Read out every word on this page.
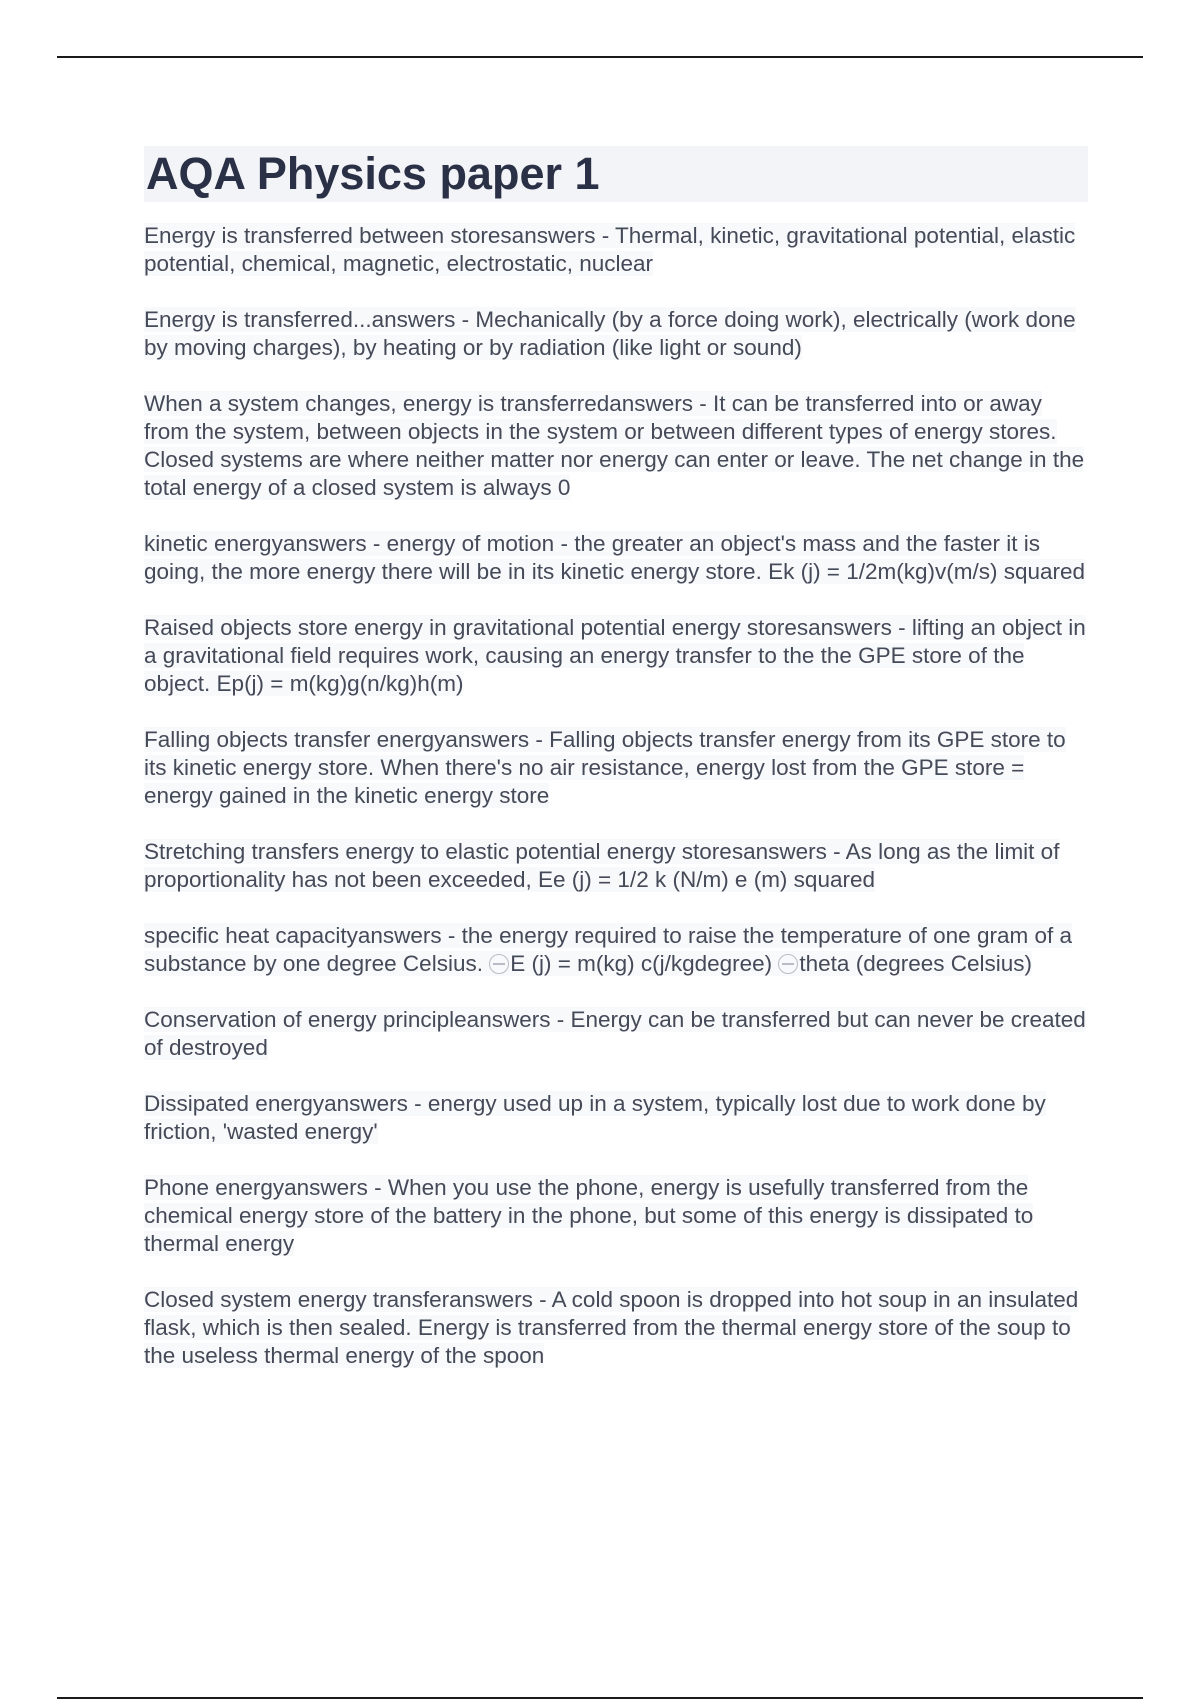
AQA Physics paper 1

Energy is transferred between storesanswers - Thermal, kinetic, gravitational potential, elastic potential, chemical, magnetic, electrostatic, nuclear

Energy is transferred...answers - Mechanically (by a force doing work), electrically (work done by moving charges), by heating or by radiation (like light or sound)

When a system changes, energy is transferredanswers - It can be transferred into or away from the system, between objects in the system or between different types of energy stores. Closed systems are where neither matter nor energy can enter or leave. The net change in the total energy of a closed system is always 0

kinetic energyanswers - energy of motion - the greater an object's mass and the faster it is going, the more energy there will be in its kinetic energy store. Ek (j) = 1/2m(kg)v(m/s) squared

Raised objects store energy in gravitational potential energy storesanswers - lifting an object in a gravitational field requires work, causing an energy transfer to the the GPE store of the object. Ep(j) = m(kg)g(n/kg)h(m)

Falling objects transfer energyanswers - Falling objects transfer energy from its GPE store to its kinetic energy store. When there's no air resistance, energy lost from the GPE store = energy gained in the kinetic energy store

Stretching transfers energy to elastic potential energy storesanswers - As long as the limit of proportionality has not been exceeded, Ee (j) = 1/2 k (N/m) e (m) squared

specific heat capacityanswers - the energy required to raise the temperature of one gram of a substance by one degree Celsius. E (j) = m(kg) c(j/kgdegree) theta (degrees Celsius)

Conservation of energy principleanswers - Energy can be transferred but can never be created of destroyed

Dissipated energyanswers - energy used up in a system, typically lost due to work done by friction, 'wasted energy'

Phone energyanswers - When you use the phone, energy is usefully transferred from the chemical energy store of the battery in the phone, but some of this energy is dissipated to thermal energy

Closed system energy transferanswers - A cold spoon is dropped into hot soup in an insulated flask, which is then sealed. Energy is transferred from the thermal energy store of the soup to the useless thermal energy of the spoon
